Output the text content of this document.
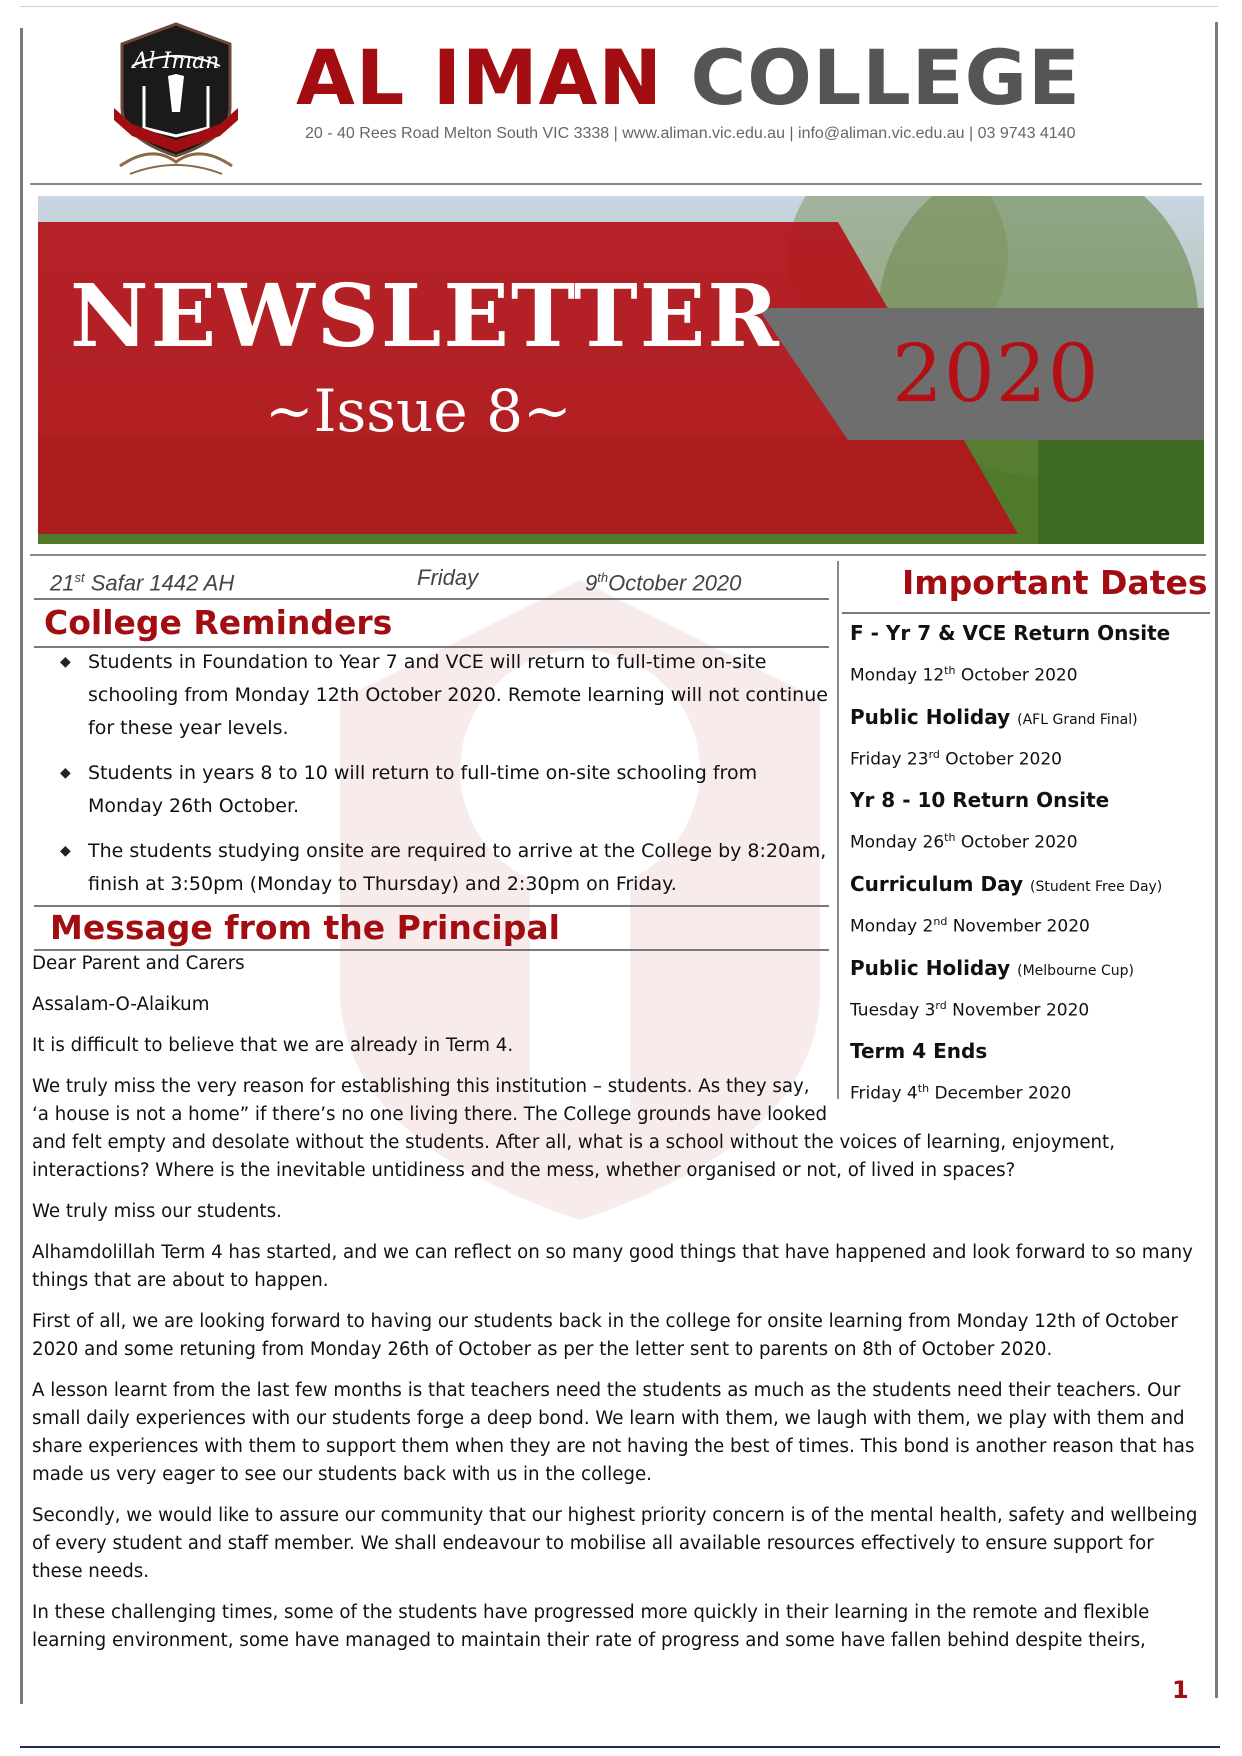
Al Iman AL IMAN COLLEGE
20 - 40 Rees Road Melton South VIC 3338 | www.aliman.vic.edu.au | info@aliman.vic.edu.au | 03 9743 4140
NEWSLETTER
~Issue 8~	2020
21st Safar 1442 AH	Friday	9thOctober 2020
College Reminders
◆ Students in Foundation to Year 7 and VCE will return to full-time on-site schooling from Monday 12th October 2020. Remote learning will not continue for these year levels.
◆ Students in years 8 to 10 will return to full-time on-site schooling from Monday 26th October.
◆ The students studying onsite are required to arrive at the College by 8:20am, finish at 3:50pm (Monday to Thursday) and 2:30pm on Friday.
Important Dates
F - Yr 7 & VCE Return Onsite
Monday 12th October 2020
Public Holiday (AFL Grand Final)
Friday 23rd October 2020
Yr 8 - 10 Return Onsite
Monday 26th October 2020
Curriculum Day (Student Free Day)
Monday 2nd November 2020
Public Holiday (Melbourne Cup)
Tuesday 3rd November 2020
Term 4 Ends
Friday 4th December 2020
Message from the Principal

Dear Parent and Carers

Assalam-O-Alaikum

It is difficult to believe that we are already in Term 4.

We truly miss the very reason for establishing this institution – students. As they say,
‘a house is not a home” if there’s no one living there. The College grounds have looked
and felt empty and desolate without the students. After all, what is a school without the voices of learning, enjoyment, interactions? Where is the inevitable untidiness and the mess, whether organised or not, of lived in spaces?

We truly miss our students.

Alhamdolillah Term 4 has started, and we can reflect on so many good things that have happened and look forward to so many things that are about to happen.

First of all, we are looking forward to having our students back in the college for onsite learning from Monday 12th of October 2020 and some retuning from Monday 26th of October as per the letter sent to parents on 8th of October 2020.

A lesson learnt from the last few months is that teachers need the students as much as the students need their teachers. Our small daily experiences with our students forge a deep bond. We learn with them, we laugh with them, we play with them and share experiences with them to support them when they are not having the best of times. This bond is another reason that has made us very eager to see our students back with us in the college.

Secondly, we would like to assure our community that our highest priority concern is of the mental health, safety and wellbeing of every student and staff member. We shall endeavour to mobilise all available resources effectively to ensure support for these needs.

In these challenging times, some of the students have progressed more quickly in their learning in the remote and flexible learning environment, some have managed to maintain their rate of progress and some have fallen behind despite theirs,

1
